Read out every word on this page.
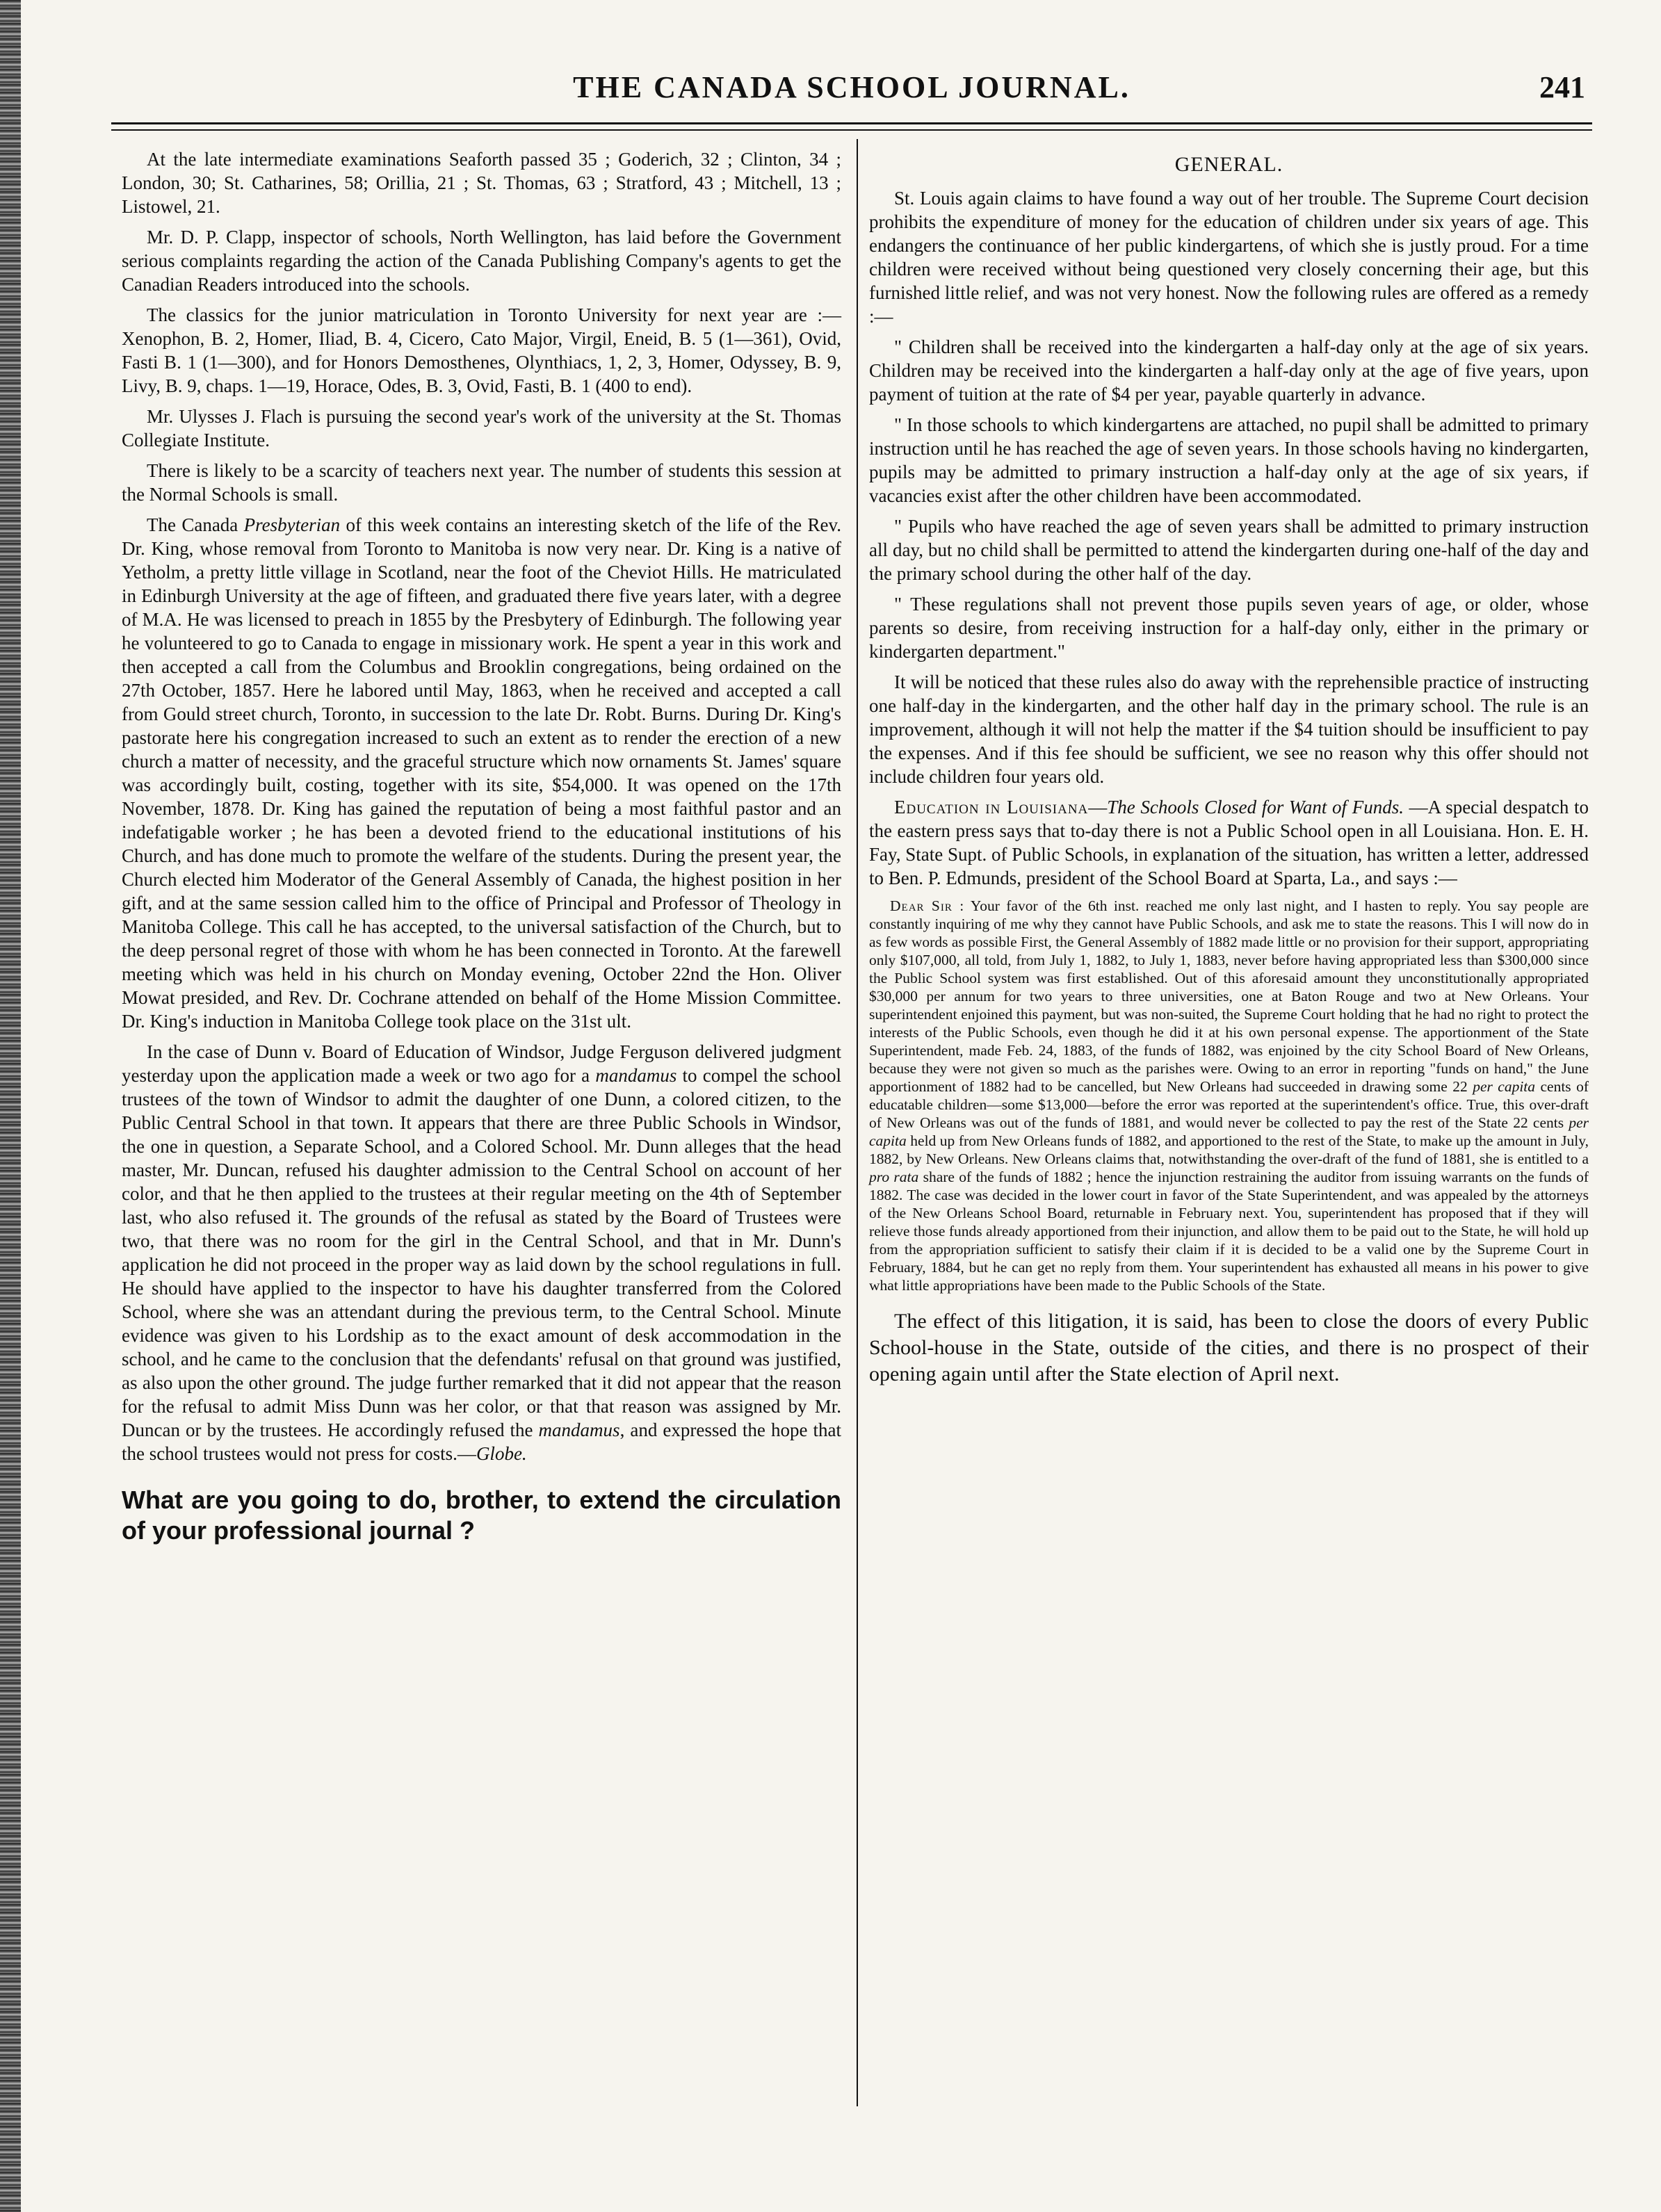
THE CANADA SCHOOL JOURNAL.	241

At the late intermediate examinations Seaforth passed 35 ; Goderich, 32 ; Clinton, 34 ; London, 30; St. Catharines, 58; Orillia, 21 ; St. Thomas, 63 ; Stratford, 43 ; Mitchell, 13 ; Listowel, 21.

Mr. D. P. Clapp, inspector of schools, North Wellington, has laid before the Government serious complaints regarding the action of the Canada Publishing Company's agents to get the Canadian Readers introduced into the schools.

The classics for the junior matriculation in Toronto University for next year are :—Xenophon, B. 2, Homer, Iliad, B. 4, Cicero, Cato Major, Virgil, Eneid, B. 5 (1—361), Ovid, Fasti B. 1 (1—300), and for Honors Demosthenes, Olynthiacs, 1, 2, 3, Homer, Odyssey, B. 9, Livy, B. 9, chaps. 1—19, Horace, Odes, B. 3, Ovid, Fasti, B. 1 (400 to end).

Mr. Ulysses J. Flach is pursuing the second year's work of the university at the St. Thomas Collegiate Institute.

There is likely to be a scarcity of teachers next year. The number of students this session at the Normal Schools is small.

The Canada Presbyterian of this week contains an interesting sketch of the life of the Rev. Dr. King, whose removal from Toronto to Manitoba is now very near. Dr. King is a native of Yetholm, a pretty little village in Scotland, near the foot of the Cheviot Hills. He matriculated in Edinburgh University at the age of fifteen, and graduated there five years later, with a degree of M.A. He was licensed to preach in 1855 by the Presbytery of Edinburgh. The following year he volunteered to go to Canada to engage in missionary work. He spent a year in this work and then accepted a call from the Columbus and Brooklin congregations, being ordained on the 27th October, 1857. Here he labored until May, 1863, when he received and accepted a call from Gould street church, Toronto, in succession to the late Dr. Robt. Burns. During Dr. King's pastorate here his congregation increased to such an extent as to render the erection of a new church a matter of necessity, and the graceful structure which now ornaments St. James' square was accordingly built, costing, together with its site, $54,000. It was opened on the 17th November, 1878. Dr. King has gained the reputation of being a most faithful pastor and an indefatigable worker ; he has been a devoted friend to the educational institutions of his Church, and has done much to promote the welfare of the students. During the present year, the Church elected him Moderator of the General Assembly of Canada, the highest position in her gift, and at the same session called him to the office of Principal and Professor of Theology in Manitoba College. This call he has accepted, to the universal satisfaction of the Church, but to the deep personal regret of those with whom he has been connected in Toronto. At the farewell meeting which was held in his church on Monday evening, October 22nd the Hon. Oliver Mowat presided, and Rev. Dr. Cochrane attended on behalf of the Home Mission Committee. Dr. King's induction in Manitoba College took place on the 31st ult.

In the case of Dunn v. Board of Education of Windsor, Judge Ferguson delivered judgment yesterday upon the application made a week or two ago for a mandamus to compel the school trustees of the town of Windsor to admit the daughter of one Dunn, a colored citizen, to the Public Central School in that town. It appears that there are three Public Schools in Windsor, the one in question, a Separate School, and a Colored School. Mr. Dunn alleges that the head master, Mr. Duncan, refused his daughter admission to the Central School on account of her color, and that he then applied to the trustees at their regular meeting on the 4th of September last, who also refused it. The grounds of the refusal as stated by the Board of Trustees were two, that there was no room for the girl in the Central School, and that in Mr. Dunn's application he did not proceed in the proper way as laid down by the school regulations in full. He should have applied to the inspector to have his daughter transferred from the Colored School, where she was an attendant during the previous term, to the Central School. Minute evidence was given to his Lordship as to the exact amount of desk accommodation in the school, and he came to the conclusion that the defendants' refusal on that ground was justified, as also upon the other ground. The judge further remarked that it did not appear that the reason for the refusal to admit Miss Dunn was her color, or that that reason was assigned by Mr. Duncan or by the trustees. He accordingly refused the mandamus, and expressed the hope that the school trustees would not press for costs.—Globe.

What are you going to do, brother, to extend the circulation of your professional journal ?
GENERAL.

St. Louis again claims to have found a way out of her trouble. The Supreme Court decision prohibits the expenditure of money for the education of children under six years of age. This endangers the continuance of her public kindergartens, of which she is justly proud. For a time children were received without being questioned very closely concerning their age, but this furnished little relief, and was not very honest. Now the following rules are offered as a remedy :—

" Children shall be received into the kindergarten a half-day only at the age of six years. Children may be received into the kindergarten a half-day only at the age of five years, upon payment of tuition at the rate of $4 per year, payable quarterly in advance.

" In those schools to which kindergartens are attached, no pupil shall be admitted to primary instruction until he has reached the age of seven years. In those schools having no kindergarten, pupils may be admitted to primary instruction a half-day only at the age of six years, if vacancies exist after the other children have been accommodated.

" Pupils who have reached the age of seven years shall be admitted to primary instruction all day, but no child shall be permitted to attend the kindergarten during one-half of the day and the primary school during the other half of the day.

" These regulations shall not prevent those pupils seven years of age, or older, whose parents so desire, from receiving instruction for a half-day only, either in the primary or kindergarten department."

It will be noticed that these rules also do away with the reprehensible practice of instructing one half-day in the kindergarten, and the other half day in the primary school. The rule is an improvement, although it will not help the matter if the $4 tuition should be insufficient to pay the expenses. And if this fee should be sufficient, we see no reason why this offer should not include children four years old.

Education in Louisiana—The Schools Closed for Want of Funds. —A special despatch to the eastern press says that to-day there is not a Public School open in all Louisiana. Hon. E. H. Fay, State Supt. of Public Schools, in explanation of the situation, has written a letter, addressed to Ben. P. Edmunds, president of the School Board at Sparta, La., and says :—

Dear Sir : Your favor of the 6th inst. reached me only last night, and I hasten to reply. You say people are constantly inquiring of me why they cannot have Public Schools, and ask me to state the reasons. This I will now do in as few words as possible First, the General Assembly of 1882 made little or no provision for their support, appropriating only $107,000, all told, from July 1, 1882, to July 1, 1883, never before having appropriated less than $300,000 since the Public School system was first established. Out of this aforesaid amount they unconstitutionally appropriated $30,000 per annum for two years to three universities, one at Baton Rouge and two at New Orleans. Your superintendent enjoined this payment, but was non-suited, the Supreme Court holding that he had no right to protect the interests of the Public Schools, even though he did it at his own personal expense. The apportionment of the State Superintendent, made Feb. 24, 1883, of the funds of 1882, was enjoined by the city School Board of New Orleans, because they were not given so much as the parishes were. Owing to an error in reporting "funds on hand," the June apportionment of 1882 had to be cancelled, but New Orleans had succeeded in drawing some 22 per capita cents of educatable children—some $13,000—before the error was reported at the superintendent's office. True, this over-draft of New Orleans was out of the funds of 1881, and would never be collected to pay the rest of the State 22 cents per capita held up from New Orleans funds of 1882, and apportioned to the rest of the State, to make up the amount in July, 1882, by New Orleans. New Orleans claims that, notwithstanding the over-draft of the fund of 1881, she is entitled to a pro rata share of the funds of 1882 ; hence the injunction restraining the auditor from issuing warrants on the funds of 1882. The case was decided in the lower court in favor of the State Superintendent, and was appealed by the attorneys of the New Orleans School Board, returnable in February next. You, superintendent has proposed that if they will relieve those funds already apportioned from their injunction, and allow them to be paid out to the State, he will hold up from the appropriation sufficient to satisfy their claim if it is decided to be a valid one by the Supreme Court in February, 1884, but he can get no reply from them. Your superintendent has exhausted all means in his power to give what little appropriations have been made to the Public Schools of the State.

The effect of this litigation, it is said, has been to close the doors of every Public School-house in the State, outside of the cities, and there is no prospect of their opening again until after the State election of April next.
